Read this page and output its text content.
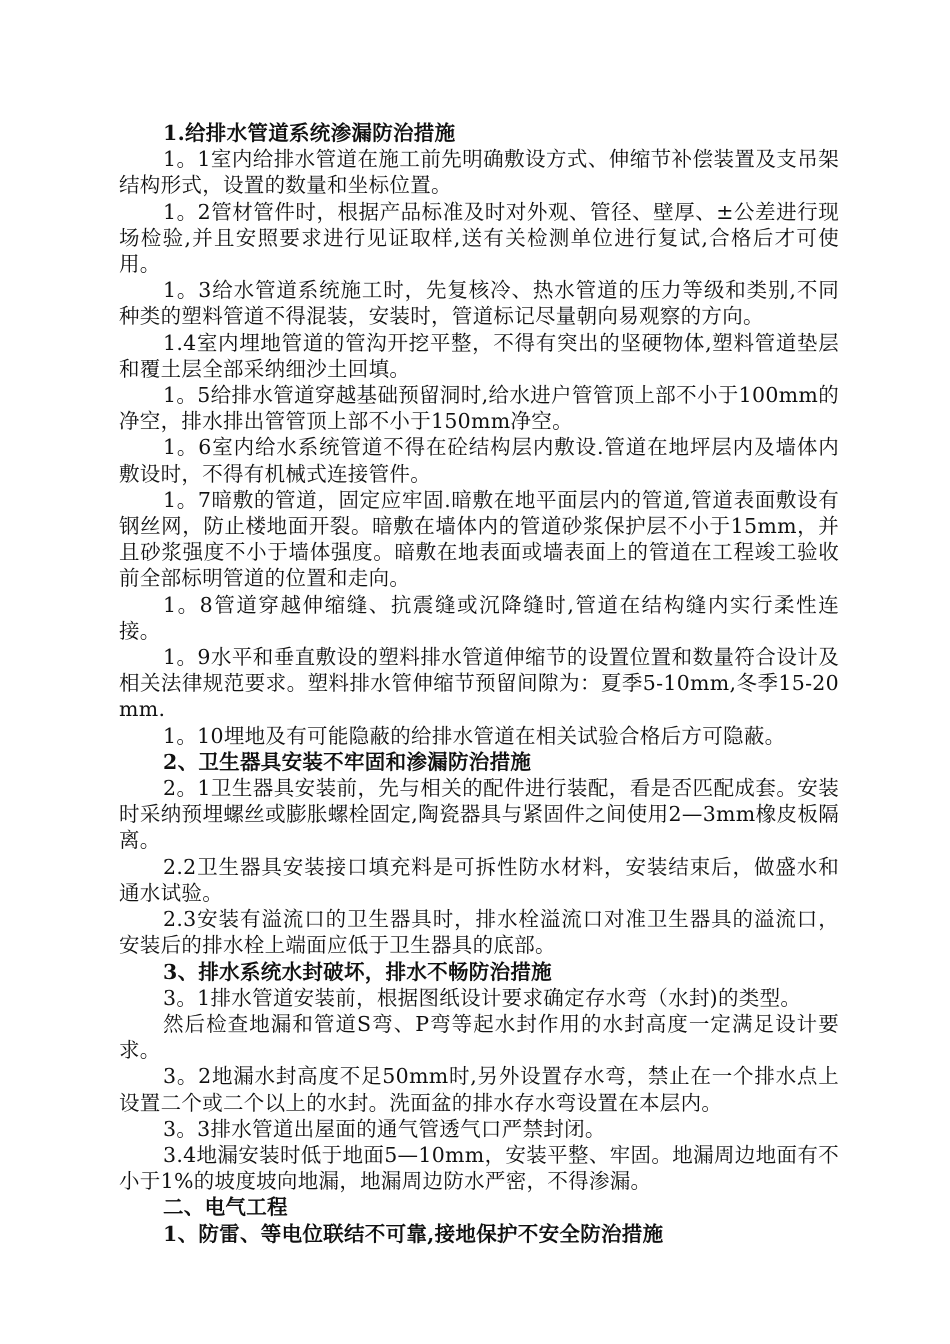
1.给排水管道系统渗漏防治措施

1。1室内给排水管道在施工前先明确敷设方式、伸缩节补偿装置及支吊架结构形式，设置的数量和坐标位置。

1。2管材管件时，根据产品标准及时对外观、管径、壁厚、±公差进行现场检验,并且安照要求进行见证取样,送有关检测单位进行复试,合格后才可使用。

1。3给水管道系统施工时，先复核冷、热水管道的压力等级和类别,不同种类的塑料管道不得混装，安装时，管道标记尽量朝向易观察的方向。

1.4室内埋地管道的管沟开挖平整，不得有突出的坚硬物体,塑料管道垫层和覆土层全部采纳细沙土回填。

1。5给排水管道穿越基础预留洞时,给水进户管管顶上部不小于100mm的净空，排水排出管管顶上部不小于150mm净空。

1。6室内给水系统管道不得在砼结构层内敷设.管道在地坪层内及墙体内敷设时，不得有机械式连接管件。

1。7暗敷的管道，固定应牢固.暗敷在地平面层内的管道,管道表面敷设有钢丝网，防止楼地面开裂。暗敷在墙体内的管道砂浆保护层不小于15mm，并且砂浆强度不小于墙体强度。暗敷在地表面或墙表面上的管道在工程竣工验收前全部标明管道的位置和走向。

1。8管道穿越伸缩缝、抗震缝或沉降缝时,管道在结构缝内实行柔性连接。

1。9水平和垂直敷设的塑料排水管道伸缩节的设置位置和数量符合设计及相关法律规范要求。塑料排水管伸缩节预留间隙为：夏季5-10mm,冬季15-20mm.

1。10埋地及有可能隐蔽的给排水管道在相关试验合格后方可隐蔽。

2、卫生器具安装不牢固和渗漏防治措施

2。1卫生器具安装前，先与相关的配件进行装配，看是否匹配成套。安装时采纳预埋螺丝或膨胀螺栓固定,陶瓷器具与紧固件之间使用2—3mm橡皮板隔离。

2.2卫生器具安装接口填充料是可拆性防水材料，安装结束后，做盛水和通水试验。

2.3安装有溢流口的卫生器具时，排水栓溢流口对准卫生器具的溢流口，安装后的排水栓上端面应低于卫生器具的底部。

3、排水系统水封破坏，排水不畅防治措施

3。1排水管道安装前，根据图纸设计要求确定存水弯（水封)的类型。

然后检查地漏和管道S弯、P弯等起水封作用的水封高度一定满足设计要求。

3。2地漏水封高度不足50mm时,另外设置存水弯，禁止在一个排水点上设置二个或二个以上的水封。洗面盆的排水存水弯设置在本层内。

3。3排水管道出屋面的通气管透气口严禁封闭。

3.4地漏安装时低于地面5—10mm，安装平整、牢固。地漏周边地面有不小于1%的坡度坡向地漏，地漏周边防水严密，不得渗漏。

二、电气工程

1、防雷、等电位联结不可靠,接地保护不安全防治措施
